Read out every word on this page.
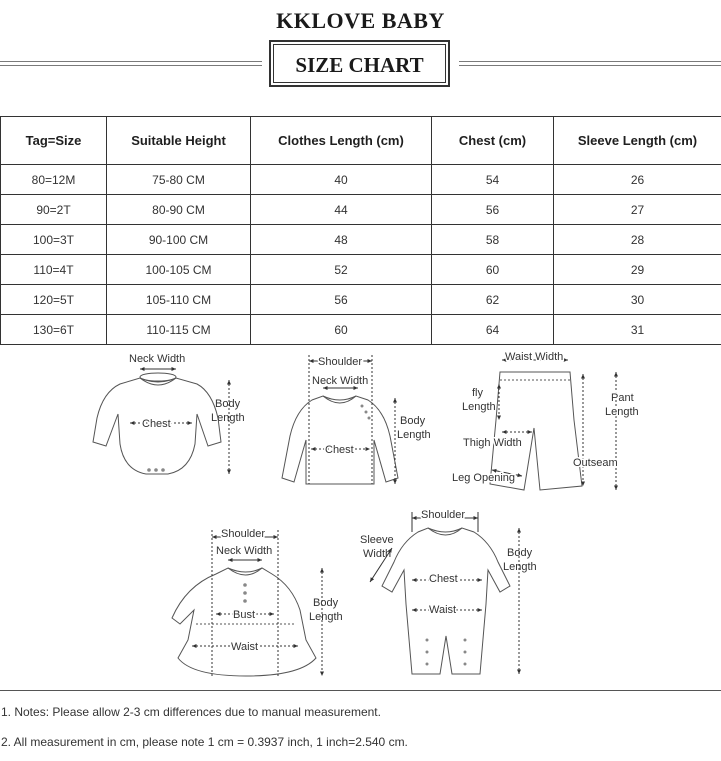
KKLOVE BABY
SIZE CHART
Tag=Size	Suitable Height	Clothes Length (cm)	Chest (cm)	Sleeve Length (cm)
80=12M	75-80 CM	40	54	26
90=2T	80-90 CM	44	56	27
100=3T	90-100 CM	48	58	28
110=4T	100-105 CM	52	60	29
120=5T	105-110 CM	56	62	30
130=6T	110-115 CM	60	64	31
Neck Width
Chest
Body
Length
Shoulder
Neck Width
Chest
Body
Length
Waist Width
fly
Length
Pant
Length
Thigh Width
Outseam
Leg Opening
Shoulder
Neck Width
Bust
Waist
Body
Length
Shoulder
Sleeve
Width
Chest
Waist
Body
Length
1. Notes: Please allow 2-3 cm differences due to manual measurement.
2. All measurement in cm, please note 1 cm = 0.3937 inch, 1 inch=2.540 cm.
